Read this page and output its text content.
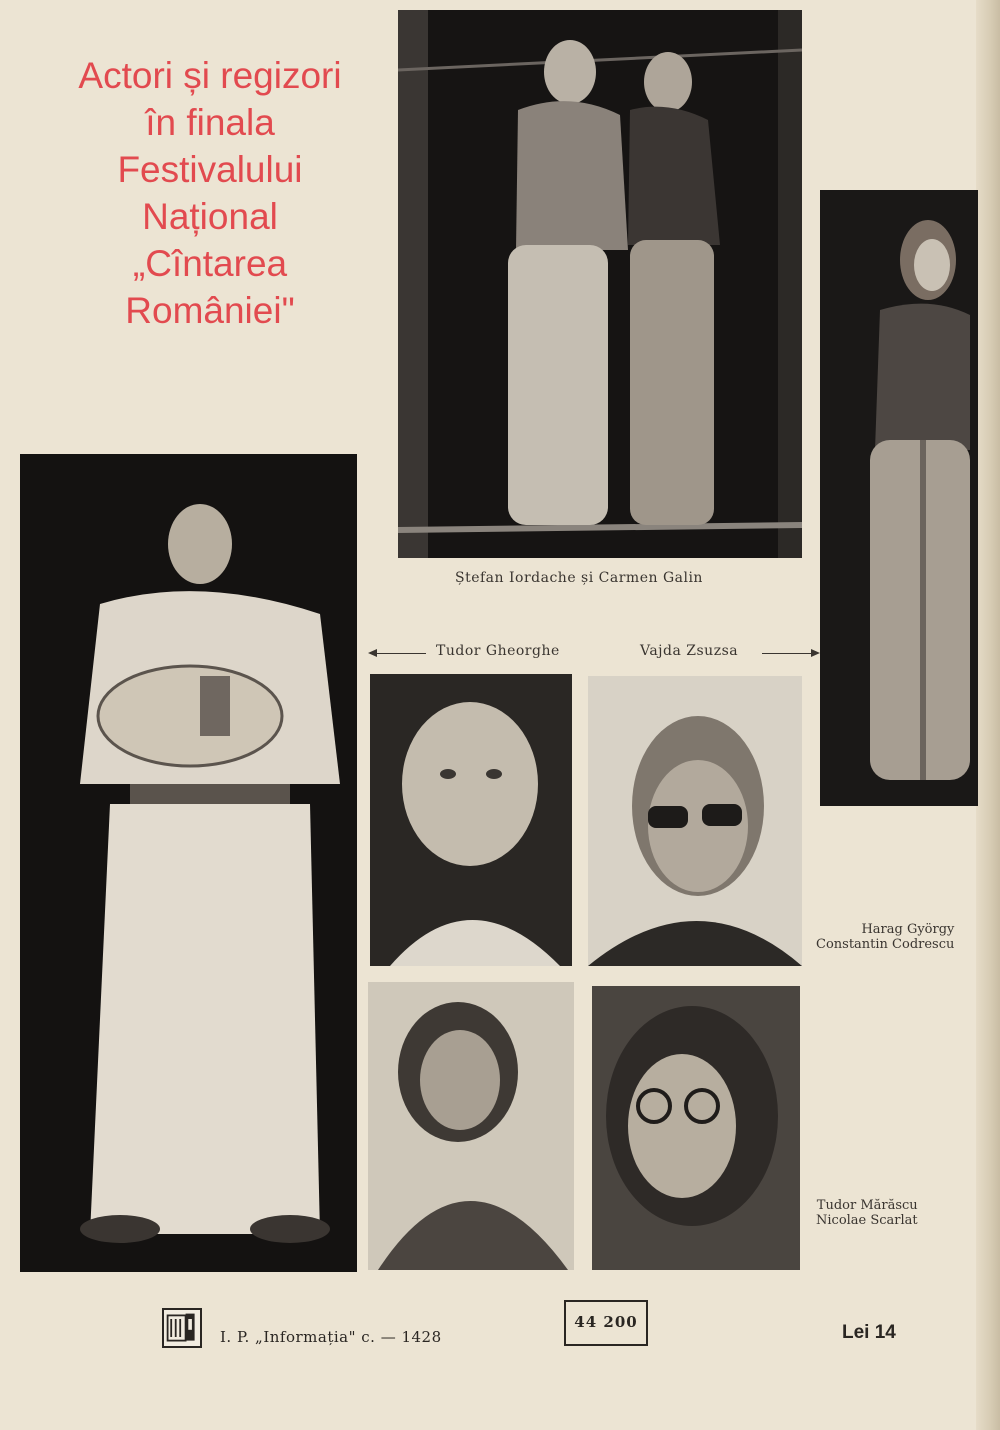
Actori și regizori
în finala
Festivalului
Național
„Cîntarea
României"
Ștefan Iordache și Carmen Galin
Tudor Gheorghe	Vajda Zsuzsa
Harag György
Constantin Codrescu
Tudor Mărăscu
Nicolae Scarlat
I. P. „Informația" c. — 1428
44 200	Lei 14
